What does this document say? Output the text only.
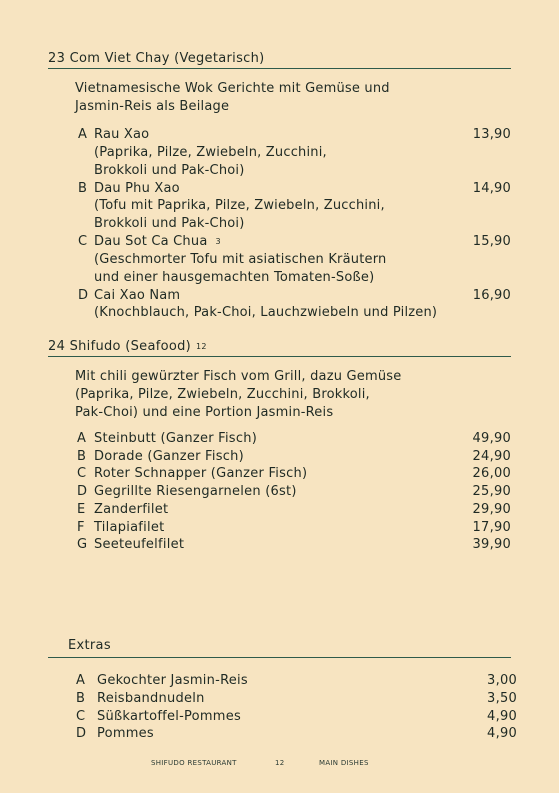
23 Com Viet Chay (Vegetarisch)
Vietnamesische Wok Gerichte mit Gemüse und
Jasmin-Reis als Beilage
A Rau Xao	13,90
(Paprika, Pilze, Zwiebeln, Zucchini,
Brokkoli und Pak-Choi)
B Dau Phu Xao	14,90
(Tofu mit Paprika, Pilze, Zwiebeln, Zucchini,
Brokkoli und Pak-Choi)
C Dau Sot Ca Chua 3	15,90
(Geschmorter Tofu mit asiatischen Kräutern
und einer hausgemachten Tomaten-Soße)
D Cai Xao Nam	16,90
(Knochblauch, Pak-Choi, Lauchzwiebeln und Pilzen)
24 Shifudo (Seafood) 12
Mit chili gewürzter Fisch vom Grill, dazu Gemüse
(Paprika, Pilze, Zwiebeln, Zucchini, Brokkoli,
Pak-Choi) und eine Portion Jasmin-Reis
A Steinbutt (Ganzer Fisch)	49,90
B Dorade (Ganzer Fisch)	24,90
C Roter Schnapper (Ganzer Fisch)	26,00
D Gegrillte Riesengarnelen (6st)	25,90
E Zanderfilet	29,90
F Tilapiafilet	17,90
G Seeteufelfilet	39,90
Extras
A Gekochter Jasmin-Reis	3,00
B Reisbandnudeln	3,50
C Süßkartoffel-Pommes	4,90
D Pommes	4,90
SHIFUDO RESTAURANT	12	MAIN DISHES
